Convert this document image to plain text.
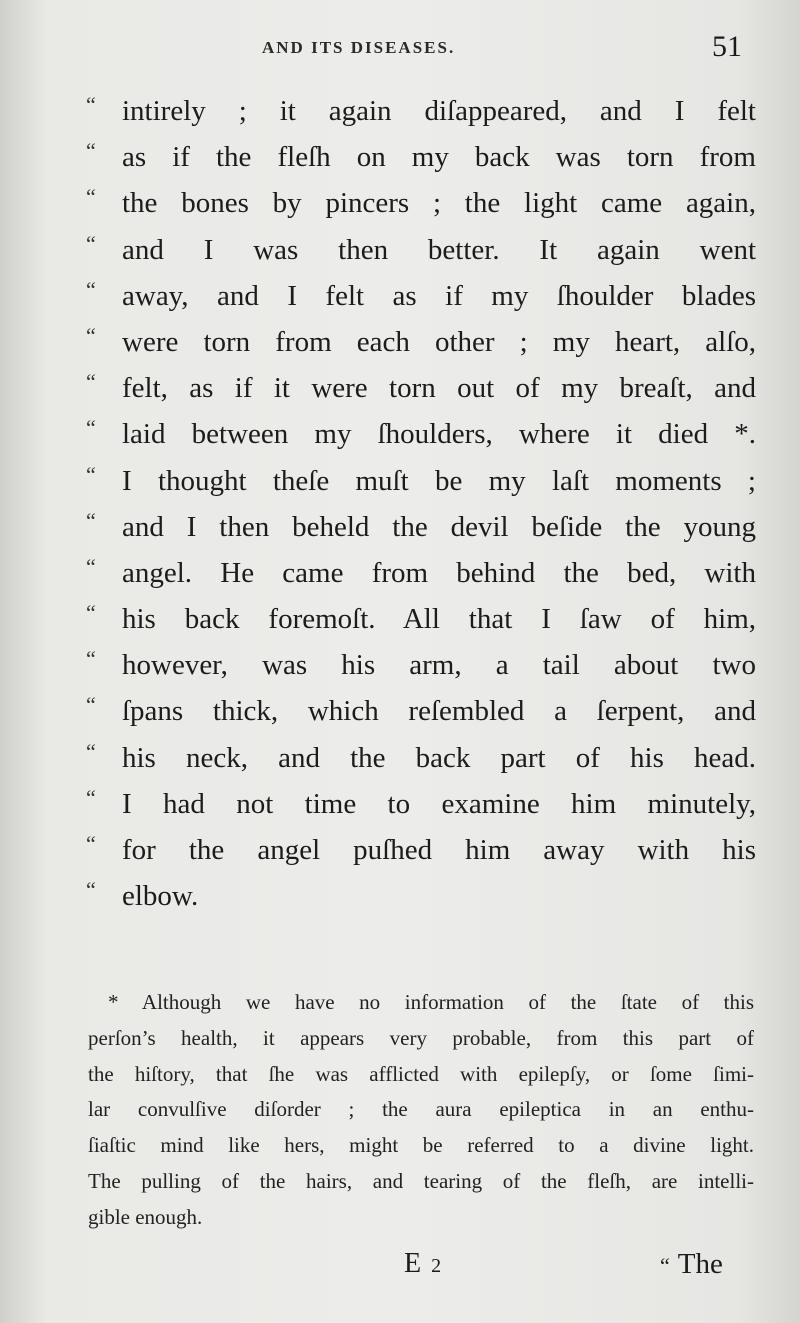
AND ITS DISEASES.	51
“ intirely ; it again diſappeared, and I felt
“ as if the fleſh on my back was torn from
“ the bones by pincers ; the light came again,
“ and I was then better. It again went
“ away, and I felt as if my ſhoulder blades
“ were torn from each other ; my heart, alſo,
“ felt, as if it were torn out of my breaſt, and
“ laid between my ſhoulders, where it died *.
“ I thought theſe muſt be my laſt moments ;
“ and I then beheld the devil beſide the young
“ angel. He came from behind the bed, with
“ his back foremoſt. All that I ſaw of him,
“ however, was his arm, a tail about two
“ ſpans thick, which reſembled a ſerpent, and
“ his neck, and the back part of his head.
“ I had not time to examine him minutely,
“ for the angel puſhed him away with his
“ elbow.
* Although we have no information of the ſtate of this
perſon’s health, it appears very probable, from this part of
the hiſtory, that ſhe was afflicted with epilepſy, or ſome ſimi-
lar convulſive diſorder ; the aura epileptica in an enthu-
ſiaſtic mind like hers, might be referred to a divine light.
The pulling of the hairs, and tearing of the fleſh, are intelli-
gible enough.
E 2	“ The
